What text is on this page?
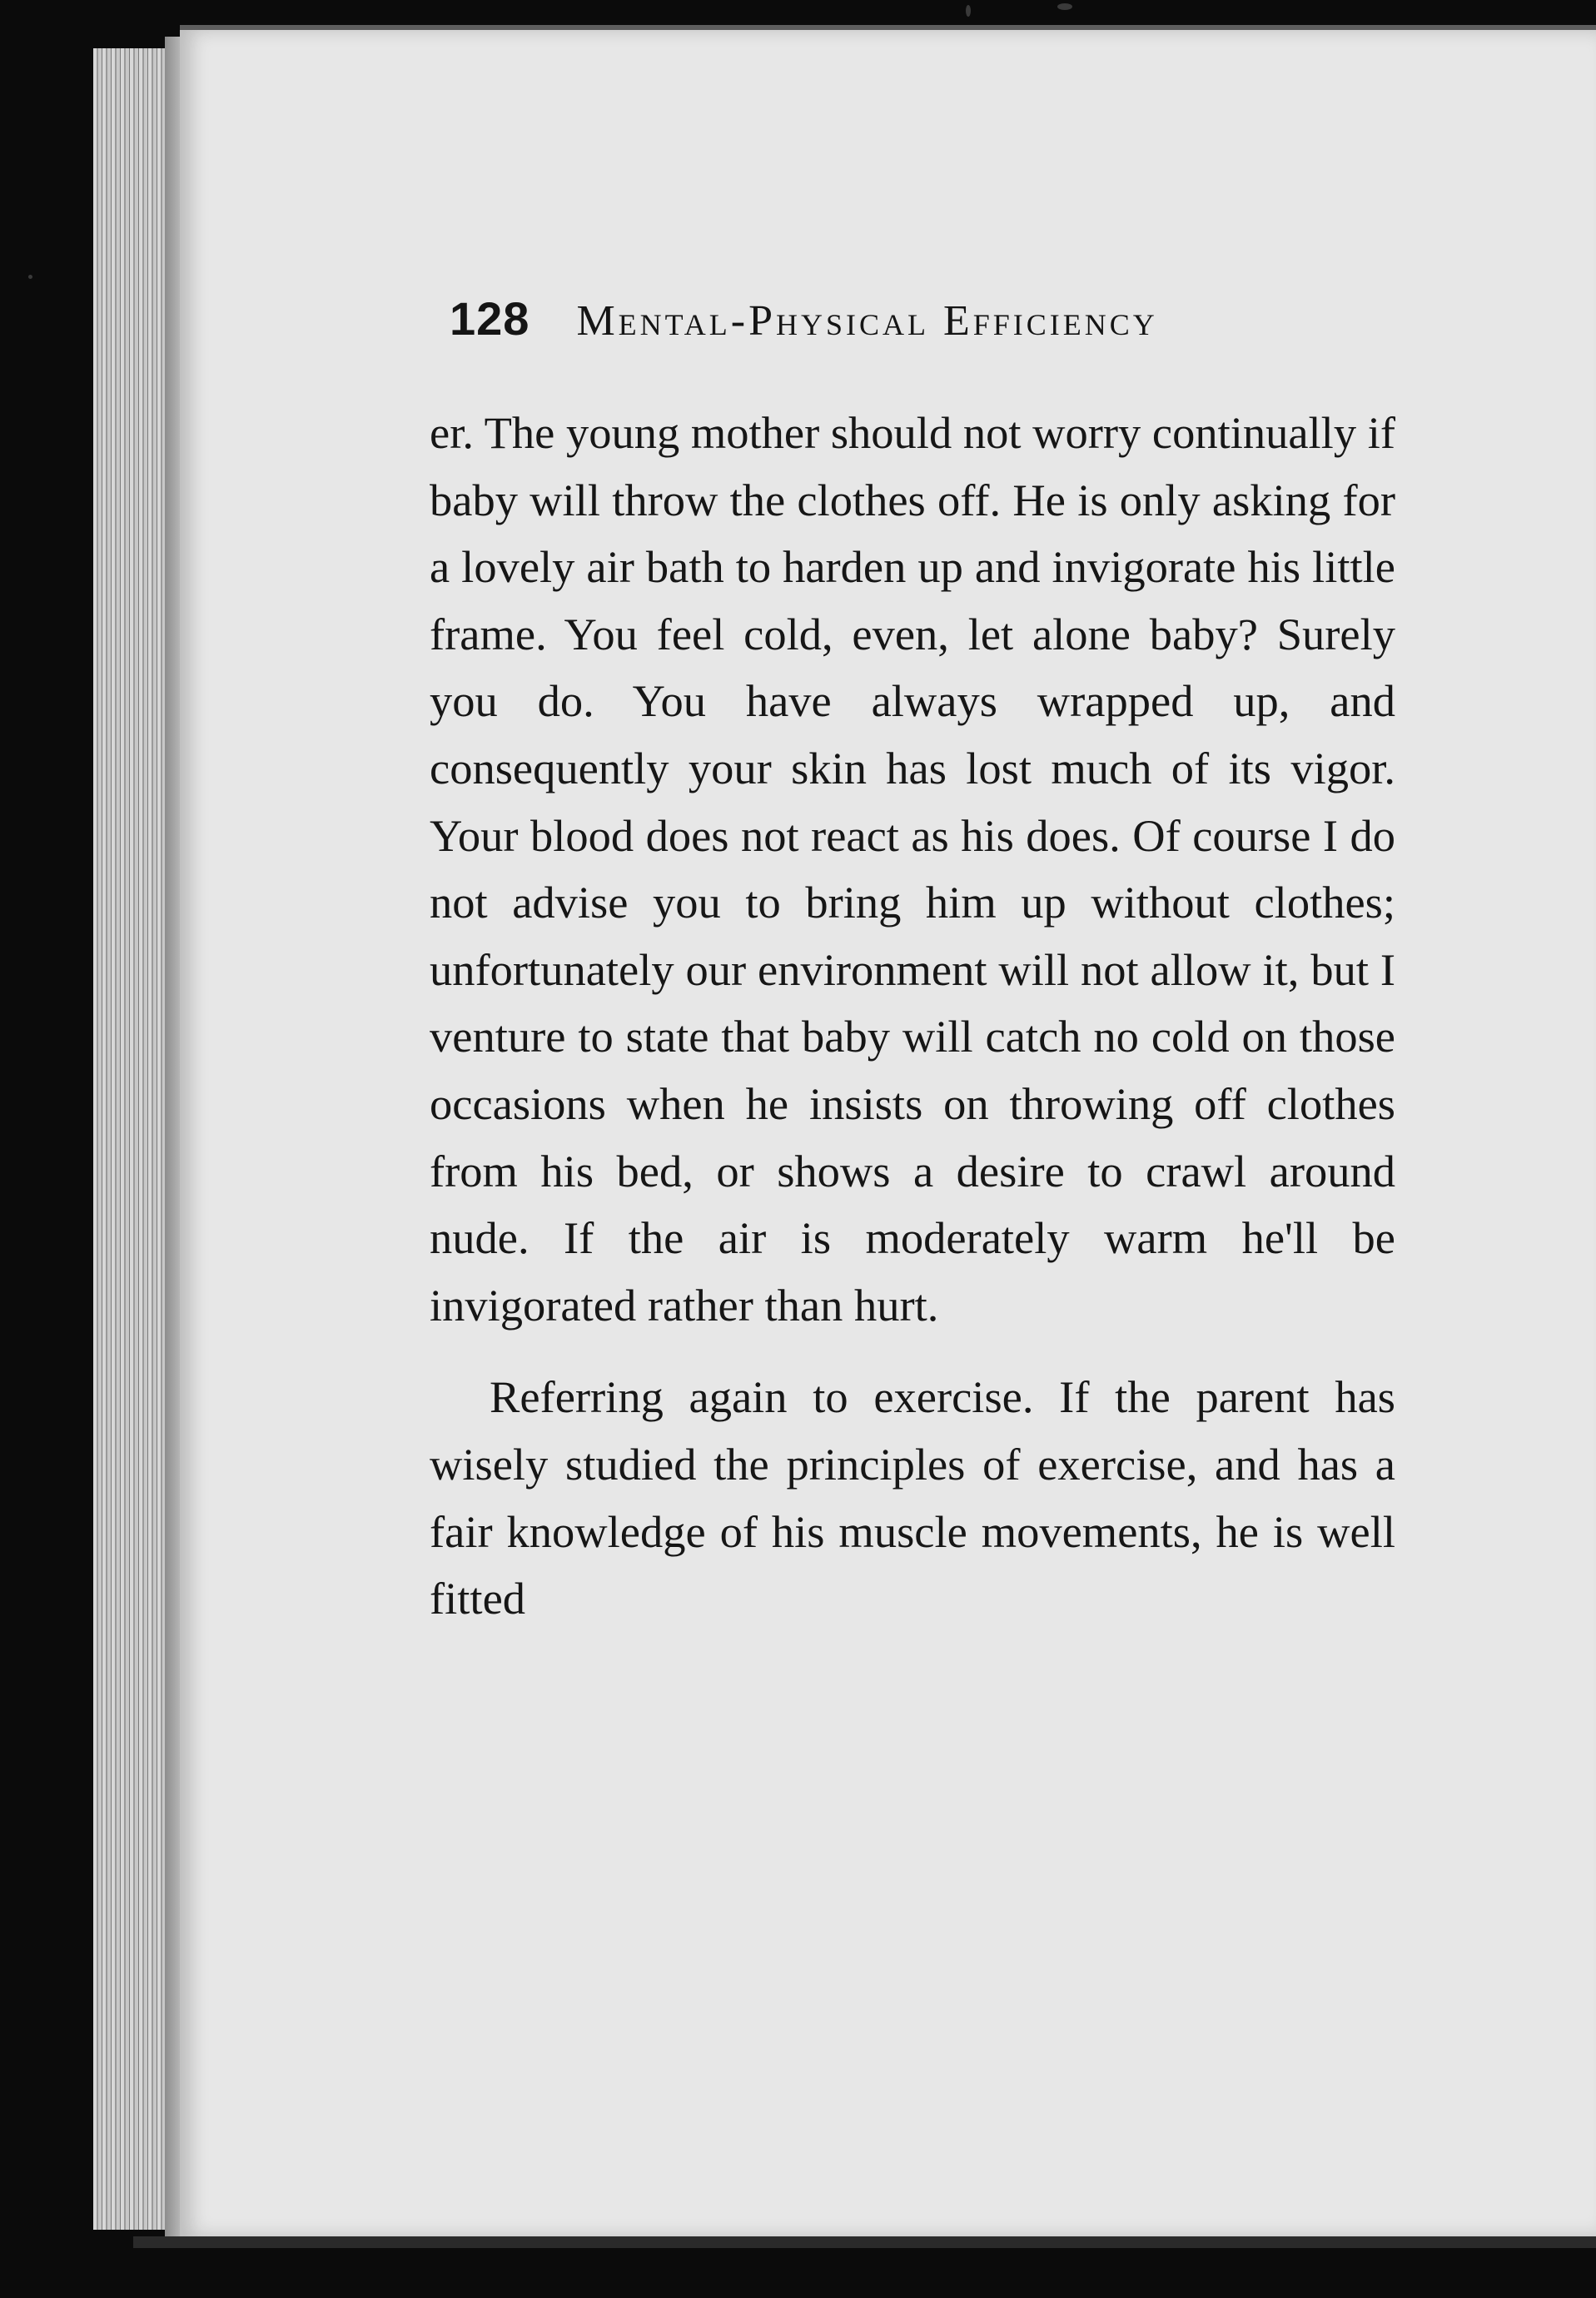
128 Mental-Physical Efficiency

er. The young mother should not worry continually if baby will throw the clothes off. He is only asking for a lovely air bath to harden up and invigorate his little frame. You feel cold, even, let alone baby? Surely you do. You have always wrapped up, and consequently your skin has lost much of its vigor. Your blood does not react as his does. Of course I do not advise you to bring him up without clothes; unfortunately our environment will not allow it, but I venture to state that baby will catch no cold on those occasions when he insists on throwing off clothes from his bed, or shows a desire to crawl around nude. If the air is moderately warm he'll be invigorated rather than hurt.

Referring again to exercise. If the parent has wisely studied the principles of exercise, and has a fair knowledge of his muscle movements, he is well fitted
